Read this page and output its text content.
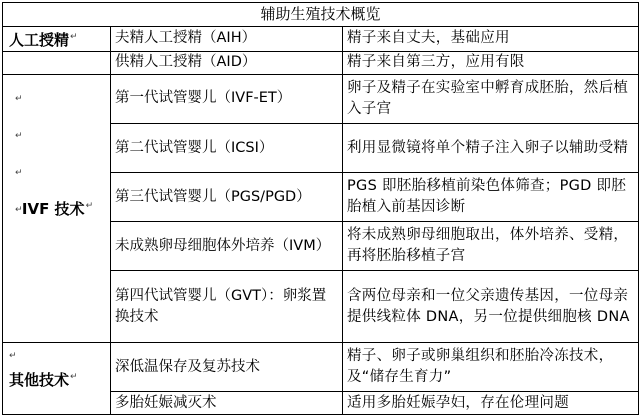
辅助生殖技术概览		
人工授精↵	夫精人工授精（AIH）	精子来自丈夫，基础应用
	供精人工授精（AID）	精子来自第三方，应用有限

↵
↵
↵
↵ IVF 技术↵	第一代试管婴儿（IVF-ET）	卵子及精子在实验室中孵育成胚胎，然后植入子宫
	第二代试管婴儿（ICSI）	利用显微镜将单个精子注入卵子以辅助受精
	第三代试管婴儿（PGS/PGD）	PGS 即胚胎移植前染色体筛查；PGD 即胚胎植入前基因诊断
	未成熟卵母细胞体外培养（IVM）	将未成熟卵母细胞取出，体外培养、受精，再将胚胎移植子宫
	第四代试管婴儿（GVT）：卵浆置换技术	含两位母亲和一位父亲遗传基因，一位母亲提供线粒体 DNA，另一位提供细胞核 DNA

↵
其他技术↵	深低温保存及复苏技术	精子、卵子或卵巢组织和胚胎冷冻技术，及“储存生育力”
	多胎妊娠减灭术	适用多胎妊娠孕妇，存在伦理问题
